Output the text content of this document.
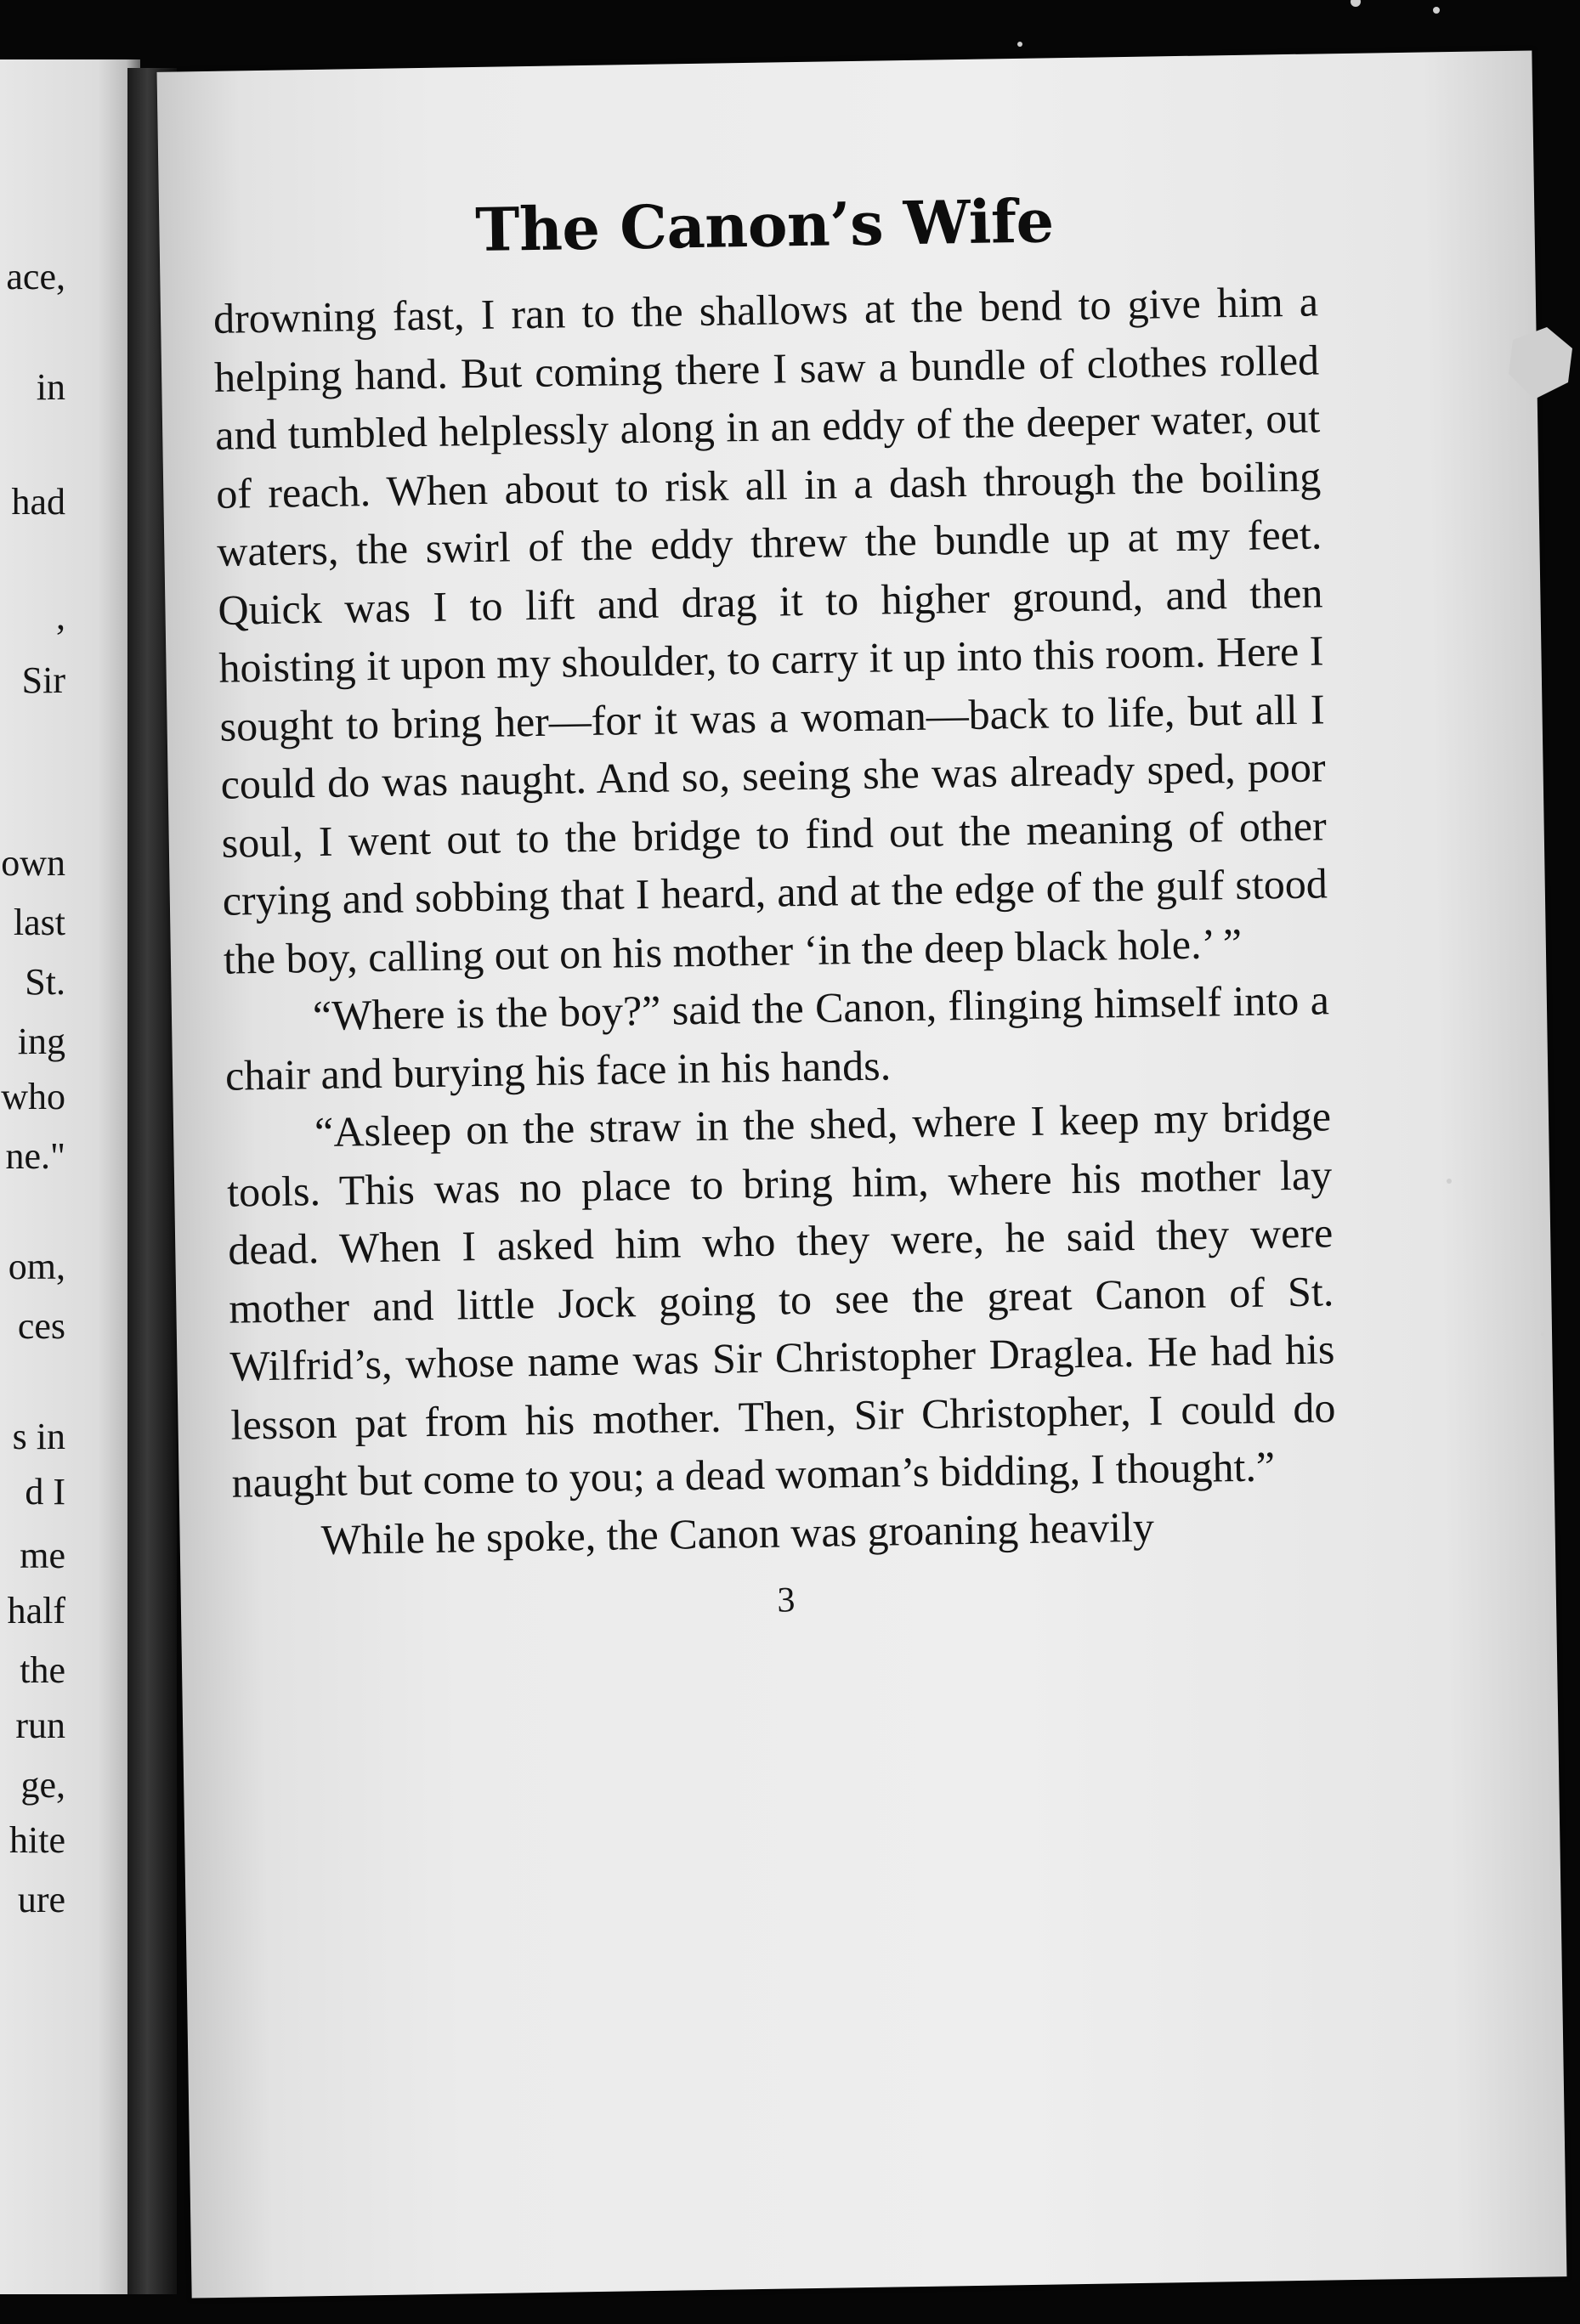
ace,
in
had
,
Sir
own
last
St.
ing
who
ne."
om,
ces
s in
d I
me
half
the
run
ge,
hite
ure
The Canon’s Wife

drowning fast, I ran to the shallows at the bend to give him a helping hand. But coming there I saw a bundle of clothes rolled and tumbled helplessly along in an eddy of the deeper water, out of reach. When about to risk all in a dash through the boiling waters, the swirl of the eddy threw the bundle up at my feet. Quick was I to lift and drag it to higher ground, and then hoisting it upon my shoulder, to carry it up into this room. Here I sought to bring her—for it was a woman—back to life, but all I could do was naught. And so, seeing she was already sped, poor soul, I went out to the bridge to find out the meaning of other crying and sobbing that I heard, and at the edge of the gulf stood the boy, calling out on his mother ‘in the deep black hole.’ ”

“Where is the boy?” said the Canon, flinging himself into a chair and burying his face in his hands.

“Asleep on the straw in the shed, where I keep my bridge tools. This was no place to bring him, where his mother lay dead. When I asked him who they were, he said they were mother and little Jock going to see the great Canon of St. Wilfrid’s, whose name was Sir Christopher Draglea. He had his lesson pat from his mother. Then, Sir Christopher, I could do naught but come to you; a dead woman’s bidding, I thought.”

While he spoke, the Canon was groaning heavily

3
